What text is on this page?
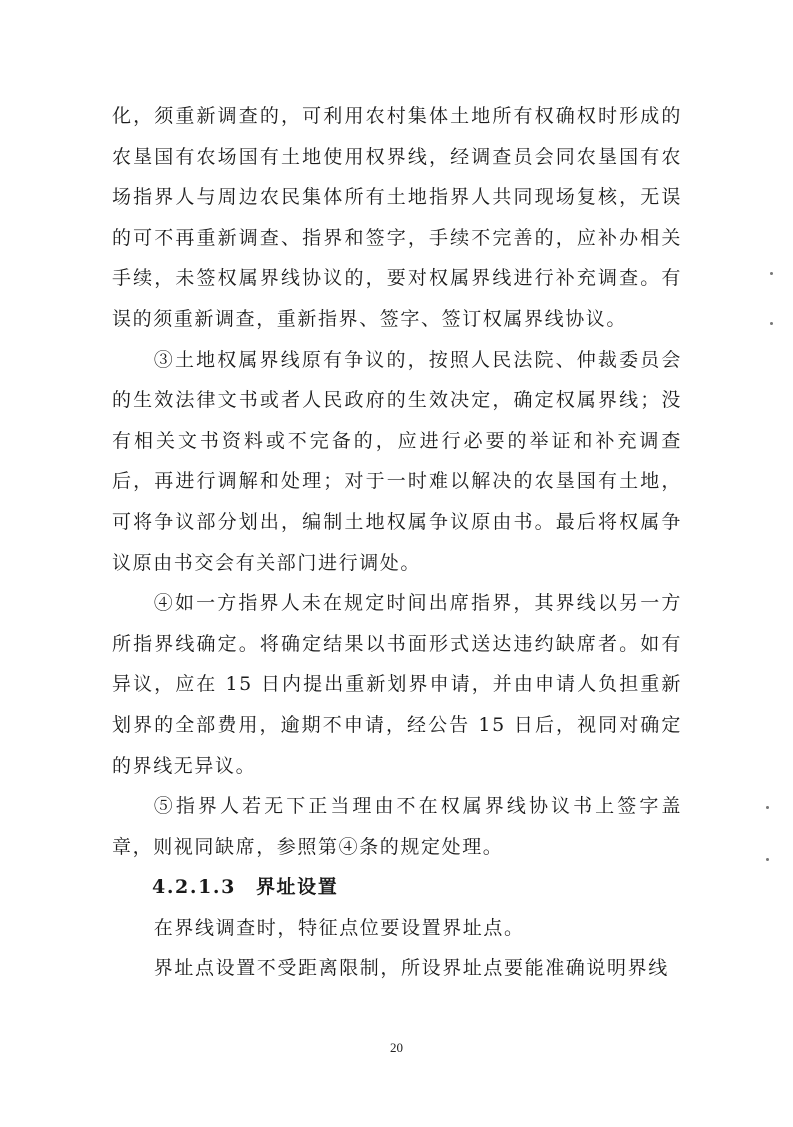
化，须重新调查的，可利用农村集体土地所有权确权时形成的农垦国有农场国有土地使用权界线，经调查员会同农垦国有农场指界人与周边农民集体所有土地指界人共同现场复核，无误的可不再重新调查、指界和签字，手续不完善的，应补办相关手续，未签权属界线协议的，要对权属界线进行补充调查。有误的须重新调查，重新指界、签字、签订权属界线协议。

③土地权属界线原有争议的，按照人民法院、仲裁委员会的生效法律文书或者人民政府的生效决定，确定权属界线；没有相关文书资料或不完备的，应进行必要的举证和补充调查后，再进行调解和处理；对于一时难以解决的农垦国有土地，可将争议部分划出，编制土地权属争议原由书。最后将权属争议原由书交会有关部门进行调处。

④如一方指界人未在规定时间出席指界，其界线以另一方所指界线确定。将确定结果以书面形式送达违约缺席者。如有异议，应在 15 日内提出重新划界申请，并由申请人负担重新划界的全部费用，逾期不申请，经公告 15 日后，视同对确定的界线无异议。

⑤指界人若无下正当理由不在权属界线协议书上签字盖章，则视同缺席，参照第④条的规定处理。

4.2.1.3 界址设置

在界线调查时，特征点位要设置界址点。

界址点设置不受距离限制，所设界址点要能准确说明界线

20
